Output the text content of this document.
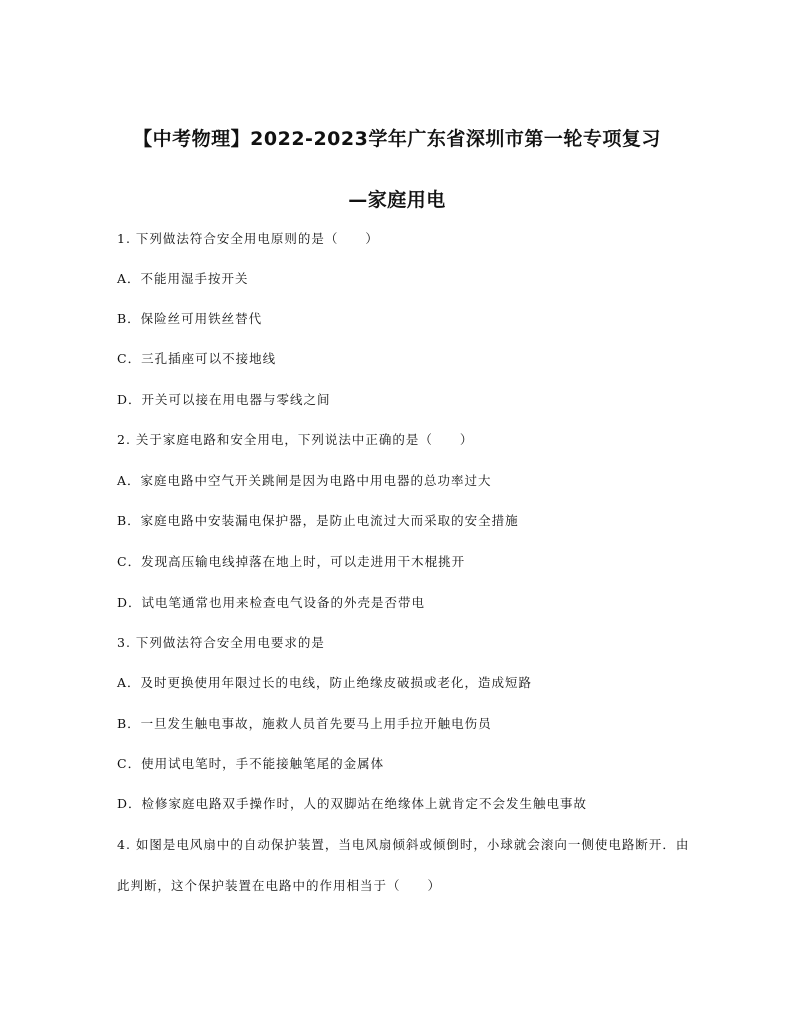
【中考物理】2022-2023学年广东省深圳市第一轮专项复习
—家庭用电
1. 下列做法符合安全用电原则的是（　　）
A．不能用湿手按开关
B．保险丝可用铁丝替代
C．三孔插座可以不接地线
D．开关可以接在用电器与零线之间
2. 关于家庭电路和安全用电，下列说法中正确的是（　　）
A．家庭电路中空气开关跳闸是因为电路中用电器的总功率过大
B．家庭电路中安装漏电保护器，是防止电流过大而采取的安全措施
C．发现高压输电线掉落在地上时，可以走进用干木棍挑开
D．试电笔通常也用来检查电气设备的外壳是否带电
3. 下列做法符合安全用电要求的是
A．及时更换使用年限过长的电线，防止绝缘皮破损或老化，造成短路
B．一旦发生触电事故，施救人员首先要马上用手拉开触电伤员
C．使用试电笔时，手不能接触笔尾的金属体
D．检修家庭电路双手操作时，人的双脚站在绝缘体上就肯定不会发生触电事故
4. 如图是电风扇中的自动保护装置，当电风扇倾斜或倾倒时，小球就会滚向一侧使电路断开．由
此判断，这个保护装置在电路中的作用相当于（　　）
